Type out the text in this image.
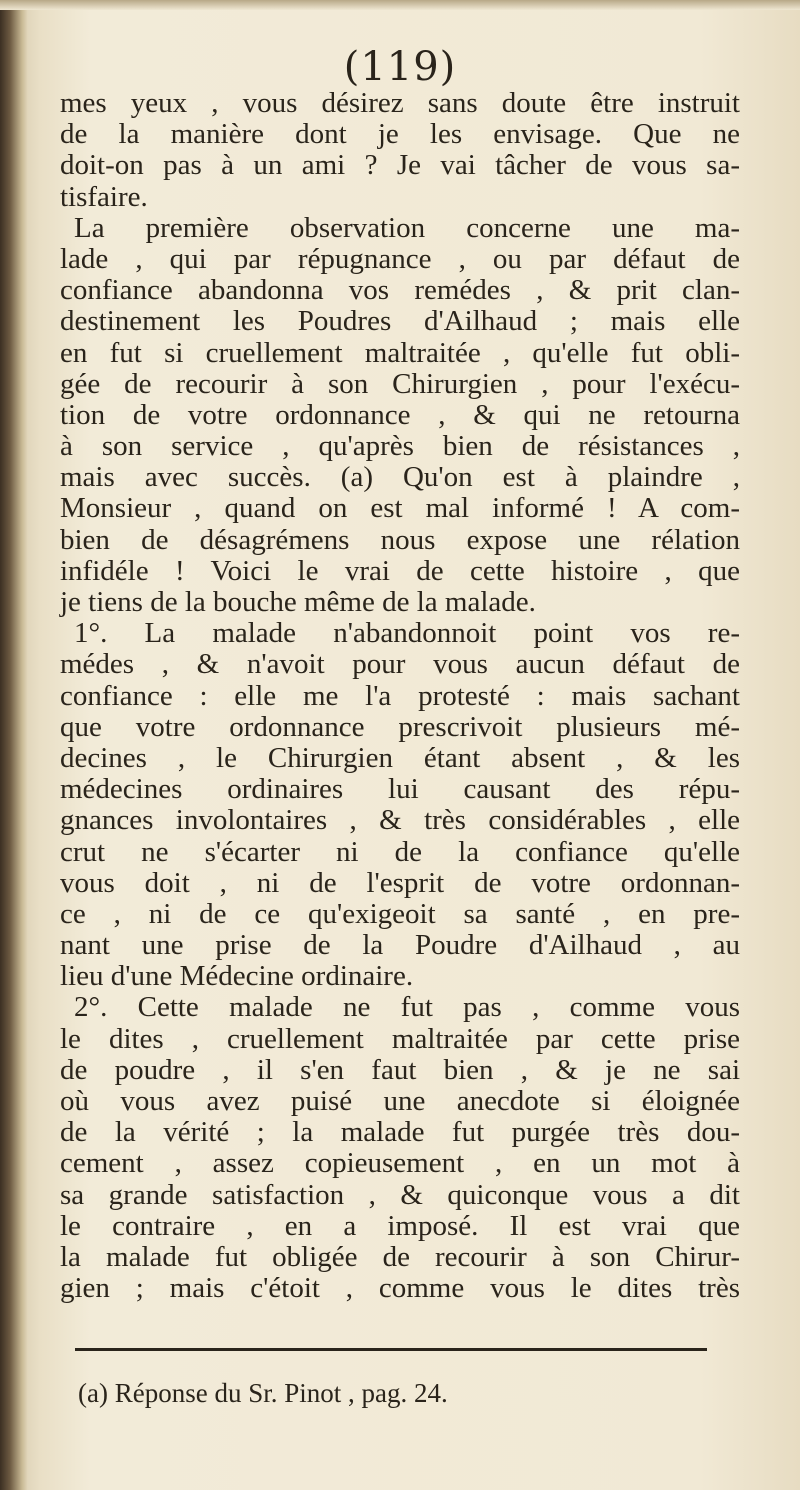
(119)
mes yeux , vous désirez sans doute être instruit
de la manière dont je les envisage. Que ne
doit-on pas à un ami ? Je vai tâcher de vous sa-
tisfaire.
La première observation concerne une ma-
lade , qui par répugnance , ou par défaut de
confiance abandonna vos remédes , & prit clan-
destinement les Poudres d'Ailhaud ; mais elle
en fut si cruellement maltraitée , qu'elle fut obli-
gée de recourir à son Chirurgien , pour l'exécu-
tion de votre ordonnance , & qui ne retourna
à son service , qu'après bien de résistances ,
mais avec succès. (a) Qu'on est à plaindre ,
Monsieur , quand on est mal informé ! A com-
bien de désagrémens nous expose une rélation
infidéle ! Voici le vrai de cette histoire , que
je tiens de la bouche même de la malade.
1°. La malade n'abandonnoit point vos re-
médes , & n'avoit pour vous aucun défaut de
confiance : elle me l'a protesté : mais sachant
que votre ordonnance prescrivoit plusieurs mé-
decines , le Chirurgien étant absent , & les
médecines ordinaires lui causant des répu-
gnances involontaires , & très considérables , elle
crut ne s'écarter ni de la confiance qu'elle
vous doit , ni de l'esprit de votre ordonnan-
ce , ni de ce qu'exigeoit sa santé , en pre-
nant une prise de la Poudre d'Ailhaud , au
lieu d'une Médecine ordinaire.
2°. Cette malade ne fut pas , comme vous
le dites , cruellement maltraitée par cette prise
de poudre , il s'en faut bien , & je ne sai
où vous avez puisé une anecdote si éloignée
de la vérité ; la malade fut purgée très dou-
cement , assez copieusement , en un mot à
sa grande satisfaction , & quiconque vous a dit
le contraire , en a imposé. Il est vrai que
la malade fut obligée de recourir à son Chirur-
gien ; mais c'étoit , comme vous le dites très
(a) Réponse du Sr. Pinot , pag. 24.
